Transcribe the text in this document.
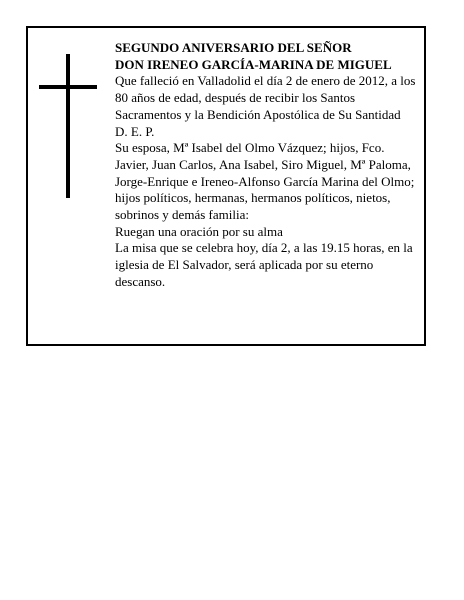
SEGUNDO ANIVERSARIO DEL SEÑOR

DON IRENEO GARCÍA-MARINA DE MIGUEL

Que falleció en Valladolid el día 2 de enero de 2012, a los 80 años de edad, después de recibir los Santos Sacramentos y la Bendición Apostólica de Su Santidad

D. E. P.

Su esposa, Mª Isabel del Olmo Vázquez; hijos, Fco. Javier, Juan Carlos, Ana Isabel, Siro Miguel, Mª Paloma, Jorge-Enrique e Ireneo-Alfonso García Marina del Olmo; hijos políticos, hermanas, hermanos políticos, nietos, sobrinos y demás familia:

Ruegan una oración por su alma

La misa que se celebra hoy, día 2, a las 19.15 horas, en la iglesia de El Salvador, será aplicada por su eterno descanso.
